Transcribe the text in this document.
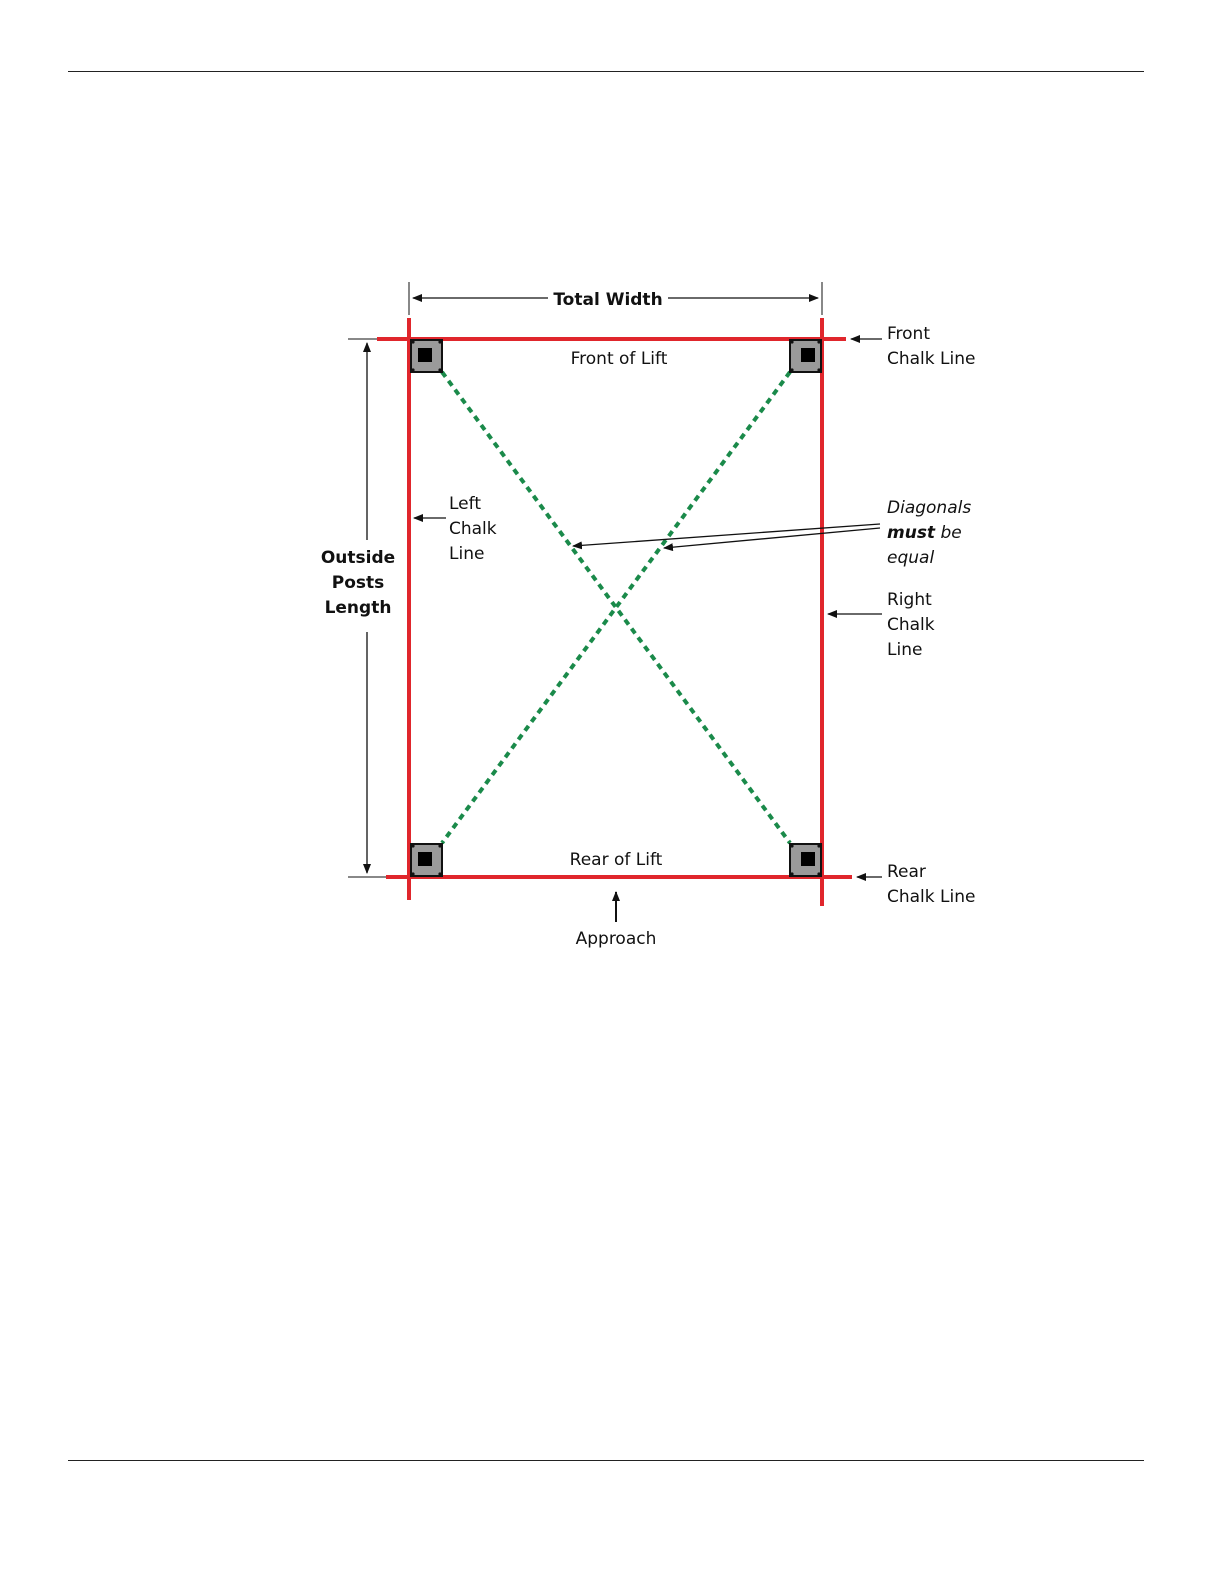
Total Width
Front of Lift
Rear of Lift
Approach
Outside
Posts
Length
Left
Chalk
Line
Right
Chalk
Line
Front
Chalk Line
Rear
Chalk Line
Diagonals
must be
equal
